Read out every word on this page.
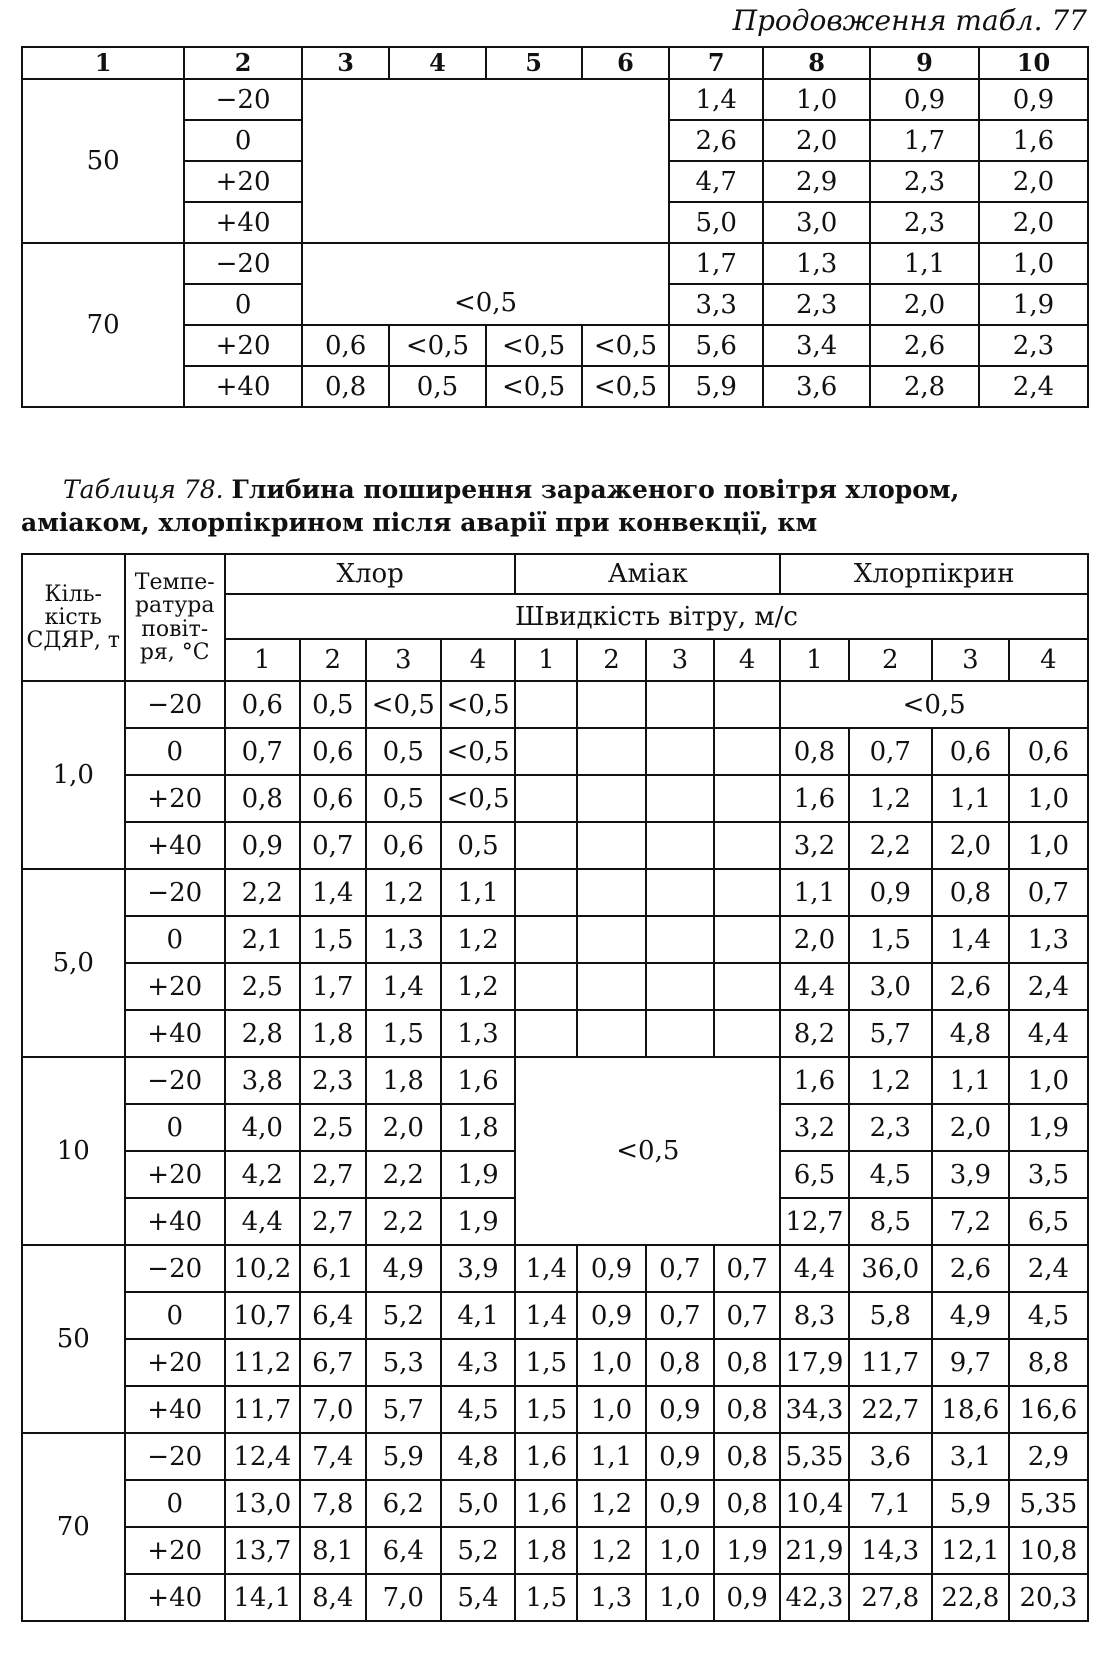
Продовження табл. 77
1	2	3	4	5	6	7	8	9	10
50	−20					1,4	1,0	0,9	0,9
	0					2,6	2,0	1,7	1,6
	+20					4,7	2,9	2,3	2,0
	+40					5,0	3,0	2,3	2,0
70	−20	<0,5				1,7	1,3	1,1	1,0
	0					3,3	2,3	2,0	1,9
	+20	0,6	<0,5	<0,5	<0,5	5,6	3,4	2,6	2,3
	+40	0,8	0,5	<0,5	<0,5	5,9	3,6	2,8	2,4
Таблиця 78. Глибина поширення зараженого повітря хлором, аміаком, хлорпікрином після аварії при конвекції, км
Кіль-кість СДЯР, т	Темпе-ратура повіт-ря, °С	Хлор				Аміак				Хлорпікрин			
		Швидкість вітру, м/с											
		1	2	3	4	1	2	3	4	1	2	3	4
1,0	−20	0,6	0,5	<0,5	<0,5					<0,5			
	0	0,7	0,6	0,5	<0,5					0,8	0,7	0,6	0,6
	+20	0,8	0,6	0,5	<0,5					1,6	1,2	1,1	1,0
	+40	0,9	0,7	0,6	0,5					3,2	2,2	2,0	1,0
5,0	−20	2,2	1,4	1,2	1,1					1,1	0,9	0,8	0,7
	0	2,1	1,5	1,3	1,2					2,0	1,5	1,4	1,3
	+20	2,5	1,7	1,4	1,2					4,4	3,0	2,6	2,4
	+40	2,8	1,8	1,5	1,3					8,2	5,7	4,8	4,4
10	−20	3,8	2,3	1,8	1,6	<0,5				1,6	1,2	1,1	1,0
	0	4,0	2,5	2,0	1,8					3,2	2,3	2,0	1,9
	+20	4,2	2,7	2,2	1,9					6,5	4,5	3,9	3,5
	+40	4,4	2,7	2,2	1,9					12,7	8,5	7,2	6,5
50	−20	10,2	6,1	4,9	3,9	1,4	0,9	0,7	0,7	4,4	36,0	2,6	2,4
	0	10,7	6,4	5,2	4,1	1,4	0,9	0,7	0,7	8,3	5,8	4,9	4,5
	+20	11,2	6,7	5,3	4,3	1,5	1,0	0,8	0,8	17,9	11,7	9,7	8,8
	+40	11,7	7,0	5,7	4,5	1,5	1,0	0,9	0,8	34,3	22,7	18,6	16,6
70	−20	12,4	7,4	5,9	4,8	1,6	1,1	0,9	0,8	5,35	3,6	3,1	2,9
	0	13,0	7,8	6,2	5,0	1,6	1,2	0,9	0,8	10,4	7,1	5,9	5,35
	+20	13,7	8,1	6,4	5,2	1,8	1,2	1,0	1,9	21,9	14,3	12,1	10,8
	+40	14,1	8,4	7,0	5,4	1,5	1,3	1,0	0,9	42,3	27,8	22,8	20,3
